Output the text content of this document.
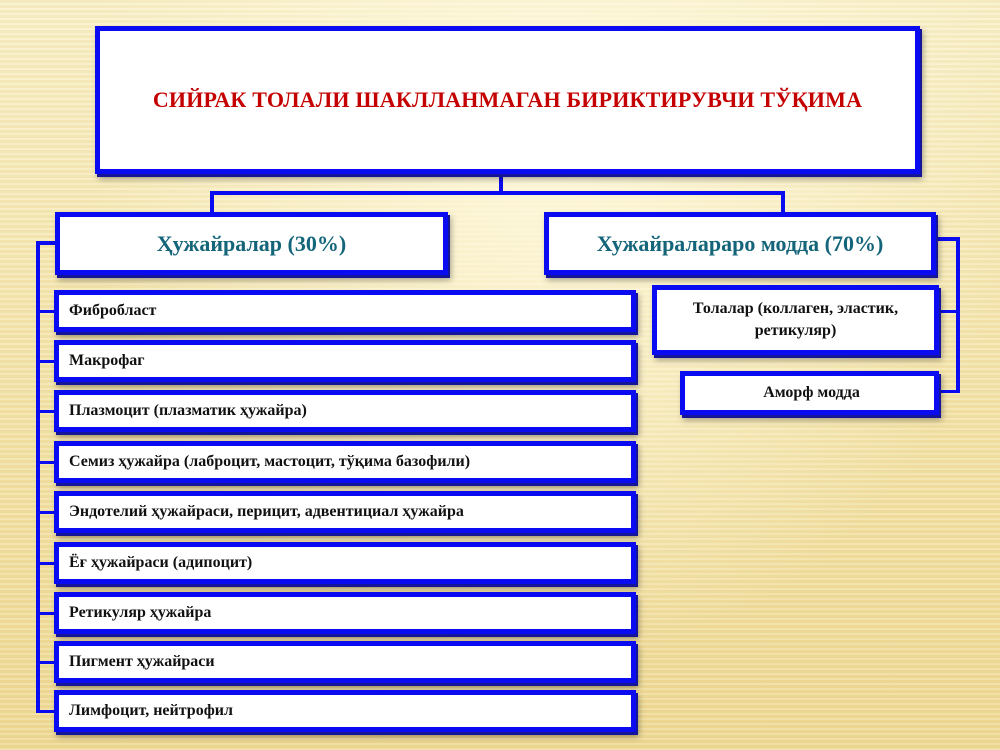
СИЙРАК ТОЛАЛИ ШАКЛЛАНМАГАН БИРИКТИРУВЧИ ТЎҚИМА
Ҳужайралар (30%)	Хужайралараро модда (70%)
Фибробласт
Макрофаг
Плазмоцит (плазматик ҳужайра)
Семиз ҳужайра (лаброцит, мастоцит, тўқима базофили)
Эндотелий ҳужайраси, перицит, адвентициал ҳужайра
Ёғ ҳужайраси (адипоцит)
Ретикуляр ҳужайра
Пигмент ҳужайраси
Лимфоцит, нейтрофил
Толалар (коллаген, эластик, ретикуляр)
Аморф модда
